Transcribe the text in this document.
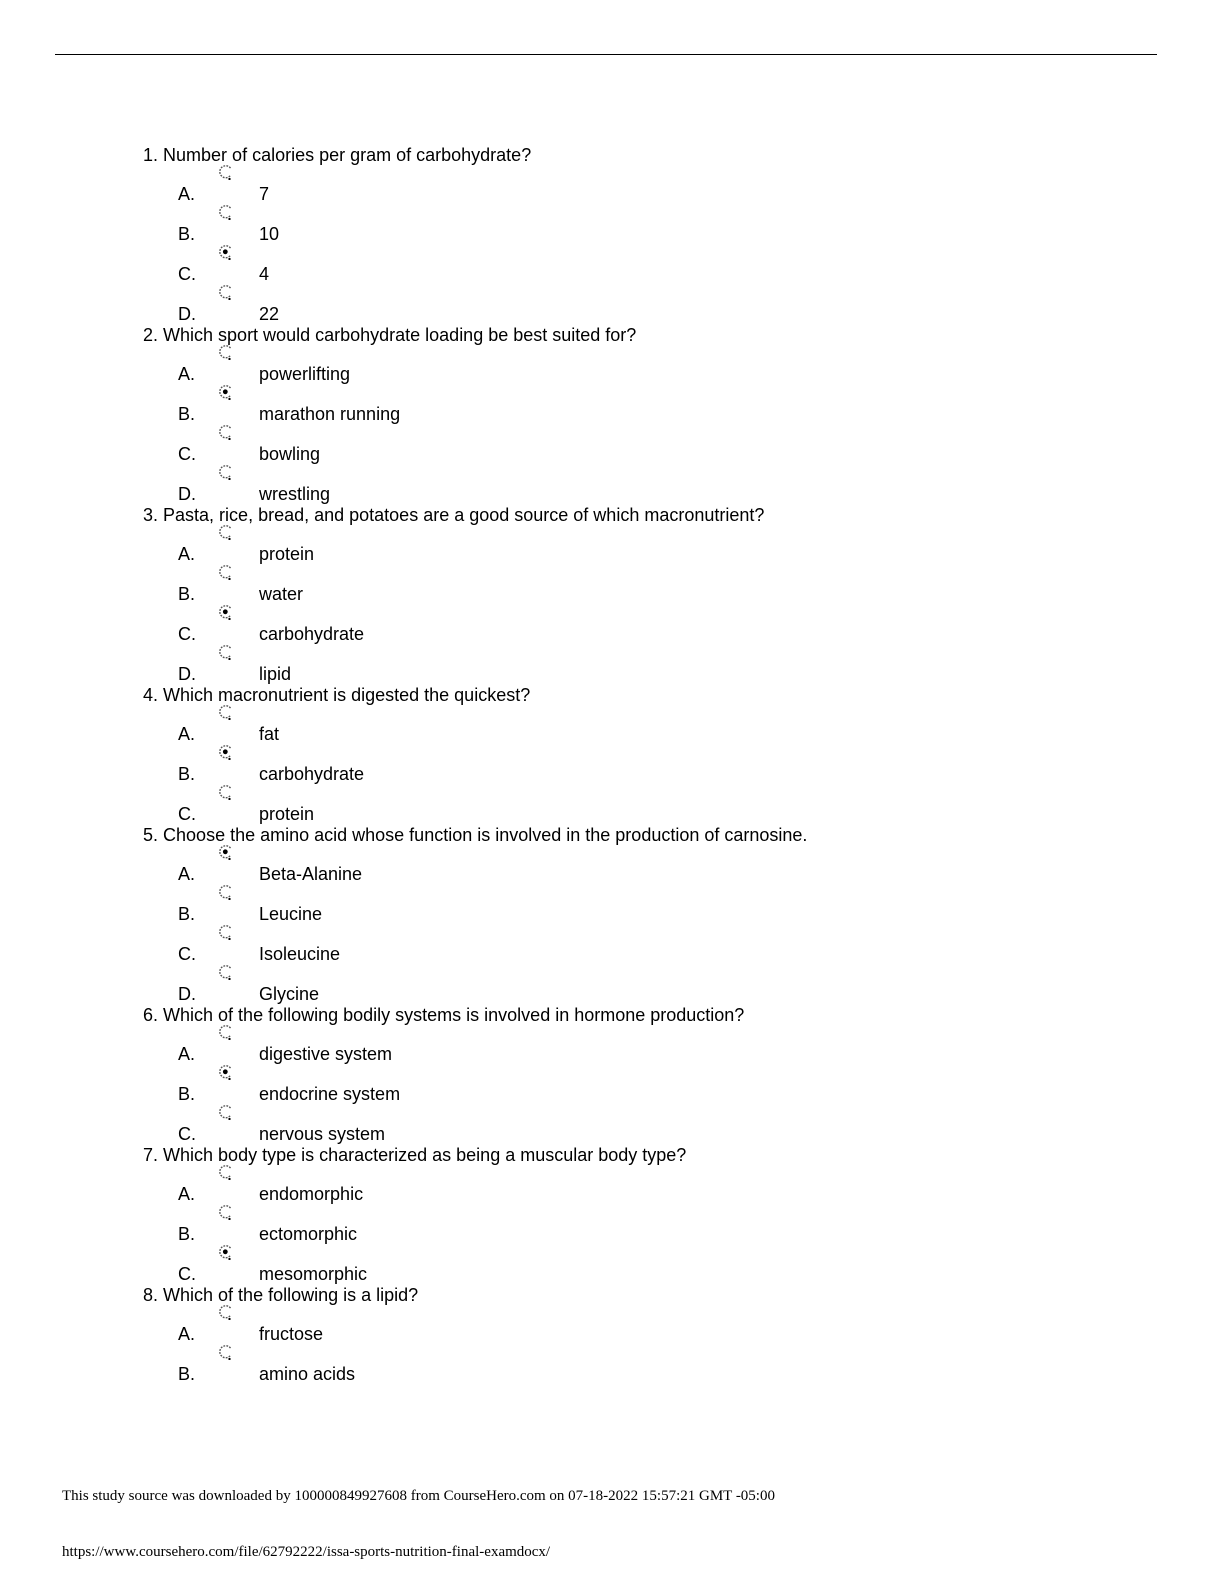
1. Number of calories per gram of carbohydrate?
A.	7
B.	10
C.	4
D.	22
2. Which sport would carbohydrate loading be best suited for?
A.	powerlifting
B.	marathon running
C.	bowling
D.	wrestling
3. Pasta, rice, bread, and potatoes are a good source of which macronutrient?
A.	protein
B.	water
C.	carbohydrate
D.	lipid
4. Which macronutrient is digested the quickest?
A.	fat
B.	carbohydrate
C.	protein
5. Choose the amino acid whose function is involved in the production of carnosine.
A.	Beta-Alanine
B.	Leucine
C.	Isoleucine
D.	Glycine
6. Which of the following bodily systems is involved in hormone production?
A.	digestive system
B.	endocrine system
C.	nervous system
7. Which body type is characterized as being a muscular body type?
A.	endomorphic
B.	ectomorphic
C.	mesomorphic
8. Which of the following is a lipid?
A.	fructose
B.	amino acids
This study source was downloaded by 100000849927608 from CourseHero.com on 07-18-2022 15:57:21 GMT -05:00
https://www.coursehero.com/file/62792222/issa-sports-nutrition-final-examdocx/
